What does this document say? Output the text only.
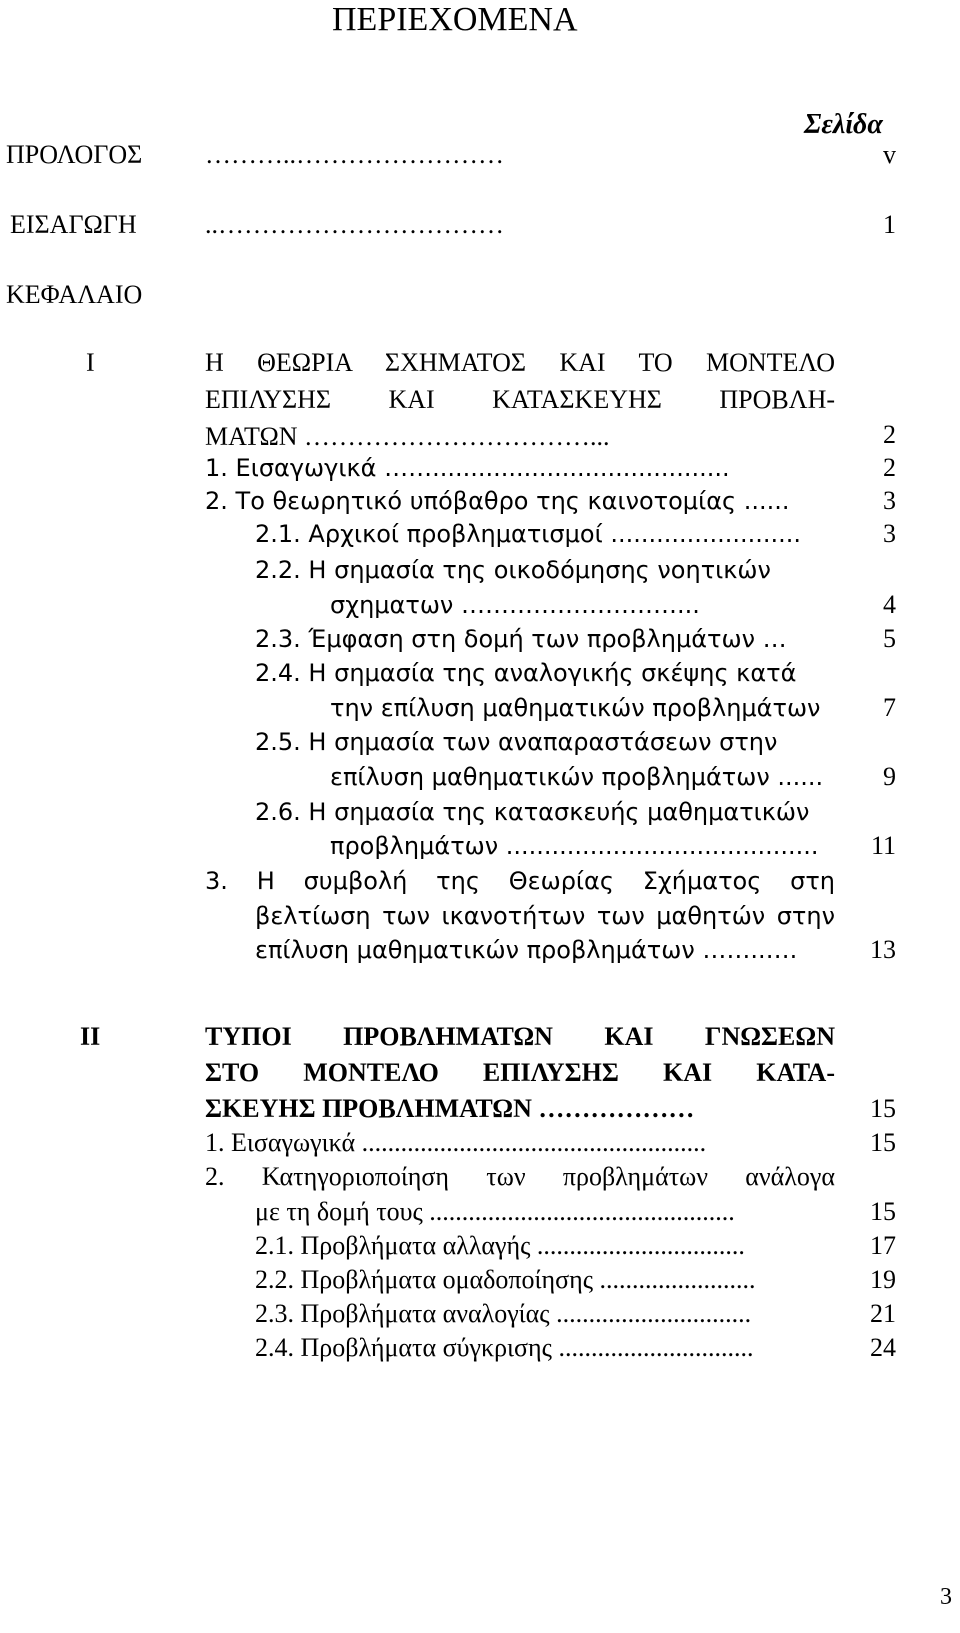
ΠΕΡΙΕΧΟΜΕΝΑ
Σελίδα
ΠΡΟΛΟΓΟΣ ………..……………………	v
ΕΙΣΑΓΩΓΗ	..……………………………	1
ΚΕΦΑΛΑΙΟ
Ι	Η ΘΕΩΡΙΑ ΣΧΗΜΑΤΟΣ ΚΑΙ ΤΟ ΜΟΝΤΕΛΟ
ΕΠΙΛΥΣΗΣ ΚΑΙ ΚΑΤΑΣΚΕΥΗΣ ΠΡΟΒΛΗ-
ΜΑΤΩΝ ……………………………...	2
1. Εισαγωγικά …….......................................	2
2. Το θεωρητικό υπόβαθρο της καινοτομίας ......	3
2.1. Αρχικοί προβληματισμοί .........................	3
2.2. Η σημασία της οικοδόμησης νοητικών
σχηματων ………………………...	4
2.3. Έμφαση στη δομή των προβλημάτων …	5
2.4. Η σημασία της αναλογικής σκέψης κατά
την επίλυση μαθηματικών προβλημάτων	7
2.5. Η σημασία των αναπαραστάσεων στην
επίλυση μαθηματικών προβλημάτων ......	9
2.6. Η σημασία της κατασκευής μαθηματικών
προβλημάτων .........................................	11
3. Η συμβολή της Θεωρίας Σχήματος στη
βελτίωση των ικανοτήτων των μαθητών στην
επίλυση μαθηματικών προβλημάτων ……..….	13
ΙΙ	ΤΥΠΟΙ ΠΡΟΒΛΗΜΑΤΩΝ ΚΑΙ ΓΝΩΣΕΩΝ
ΣΤΟ ΜΟΝΤΕΛΟ ΕΠΙΛΥΣΗΣ ΚΑΙ ΚΑΤΑ-
ΣΚΕΥΗΣ ΠΡΟΒΛΗΜΑΤΩΝ ………………	15
1. Εισαγωγικά .....................................................	15
2. Κατηγοριοποίηση των προβλημάτων ανάλογα
με τη δομή τους ...............................................	15
2.1. Προβλήματα αλλαγής ................................	17
2.2. Προβλήματα ομαδοποίησης ........................	19
2.3. Προβλήματα αναλογίας ..............................	21
2.4. Προβλήματα σύγκρισης ..............................	24
3
